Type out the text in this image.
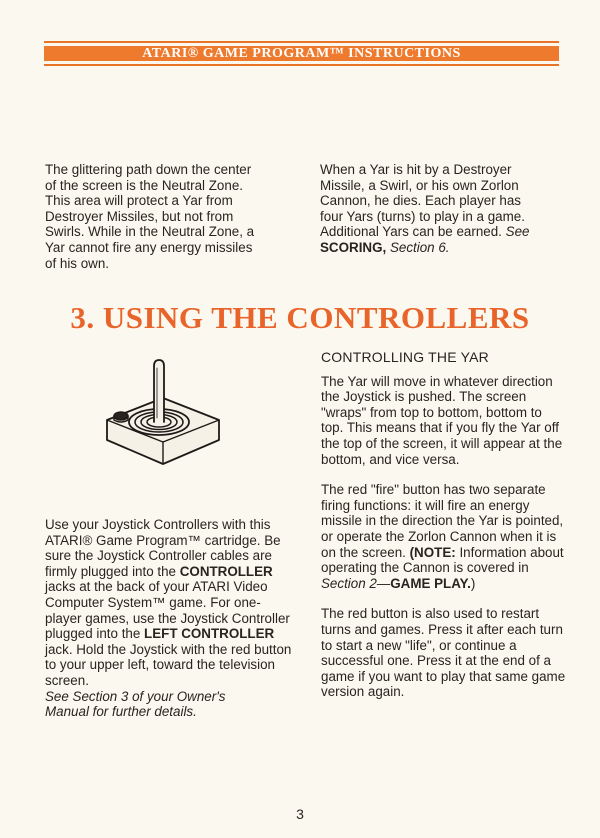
ATARI® GAME PROGRAM™ INSTRUCTIONS
The glittering path down the center
of the screen is the Neutral Zone.
This area will protect a Yar from
Destroyer Missiles, but not from
Swirls. While in the Neutral Zone, a
Yar cannot fire any energy missiles
of his own.
When a Yar is hit by a Destroyer
Missile, a Swirl, or his own Zorlon
Cannon, he dies. Each player has
four Yars (turns) to play in a game.
Additional Yars can be earned. See
SCORING, Section 6.
3. USING THE CONTROLLERS

Use your Joystick Controllers with this ATARI® Game Program™ cartridge. Be sure the Joystick Controller cables are firmly plugged into the CONTROLLER jacks at the back of your ATARI Video Computer System™ game. For one-player games, use the Joystick Controller plugged into the LEFT CONTROLLER jack. Hold the Joystick with the red button to your upper left, toward the television screen.

See Section 3 of your Owner's
Manual for further details.

CONTROLLING THE YAR

The Yar will move in whatever direction the Joystick is pushed. The screen "wraps" from top to bottom, bottom to top. This means that if you fly the Yar off the top of the screen, it will appear at the bottom, and vice versa.

The red "fire" button has two separate firing functions: it will fire an energy missile in the direction the Yar is pointed, or operate the Zorlon Cannon when it is on the screen. (NOTE: Information about operating the Cannon is covered in Section 2—GAME PLAY.)

The red button is also used to restart turns and games. Press it after each turn to start a new "life", or continue a successful one. Press it at the end of a game if you want to play that same game version again.

3
